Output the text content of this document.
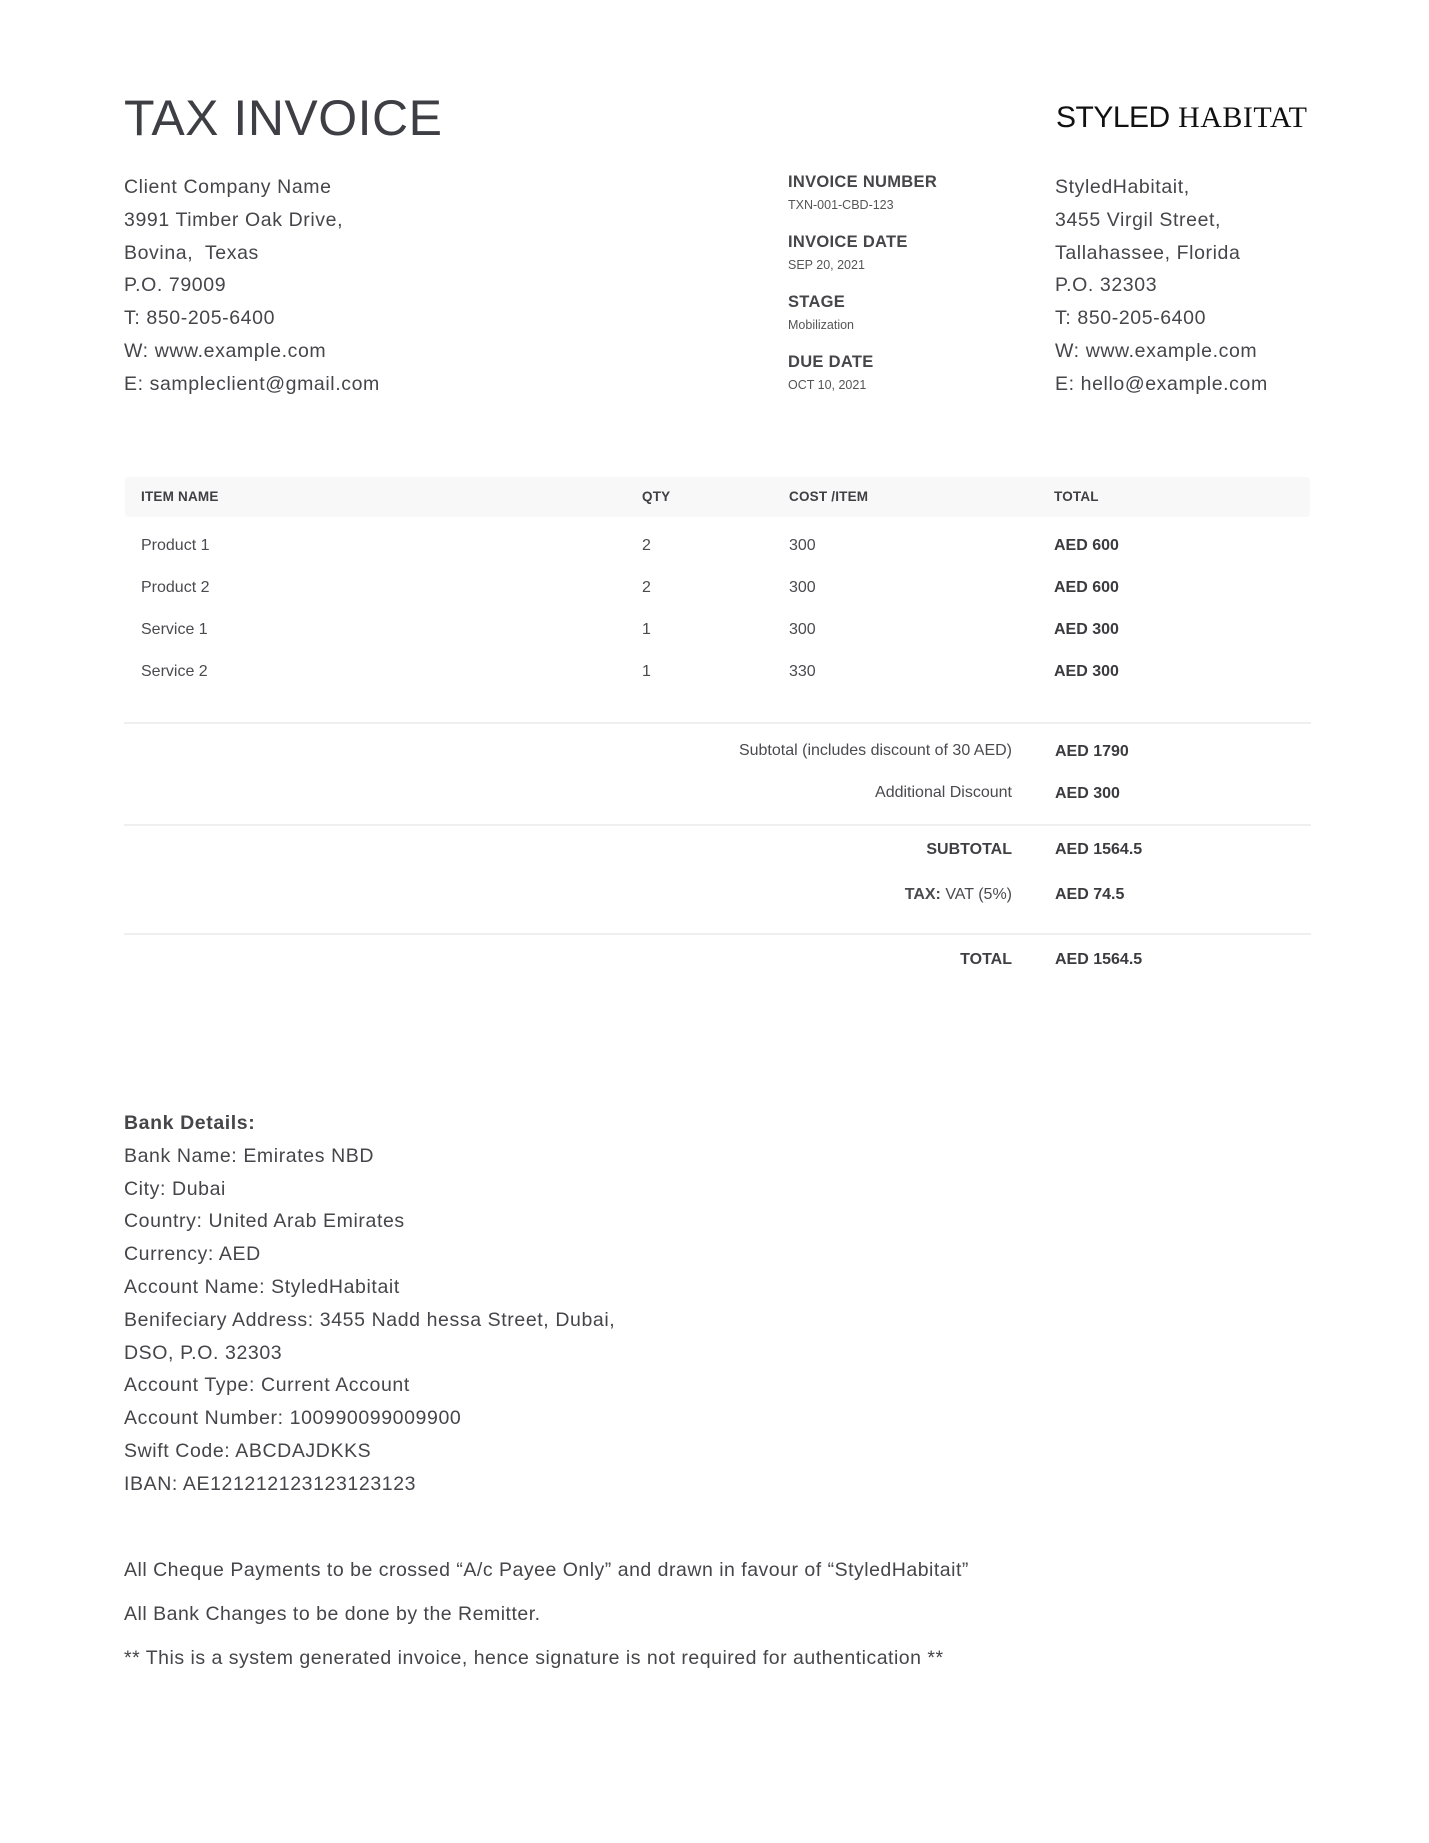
TAX INVOICE	STYLED HABITAT
Client Company Name
3991 Timber Oak Drive,
Bovina,  Texas
P.O. 79009
T: 850-205-6400
W: www.example.com
E: sampleclient@gmail.com
INVOICE NUMBER
TXN-001-CBD-123
INVOICE DATE
SEP 20, 2021
STAGE
Mobilization
DUE DATE
OCT 10, 2021
StyledHabitait,
3455 Virgil Street,
Tallahassee, Florida
P.O. 32303
T: 850-205-6400
W: www.example.com
E: hello@example.com
ITEM NAME	QTY	COST /ITEM	TOTAL
Product 1	2	300	AED 600
Product 2	2	300	AED 600
Service 1	1	300	AED 300
Service 2	1	330	AED 300
Subtotal (includes discount of 30 AED)	AED 1790
Additional Discount	AED 300
SUBTOTAL	AED 1564.5
TAX: VAT (5%)	AED 74.5
TOTAL	AED 1564.5
Bank Details:
Bank Name: Emirates NBD
City: Dubai
Country: United Arab Emirates
Currency: AED
Account Name: StyledHabitait
Benifeciary Address: 3455 Nadd hessa Street, Dubai,
DSO, P.O. 32303
Account Type: Current Account
Account Number: 100990099009900
Swift Code: ABCDAJDKKS
IBAN: AE121212123123123123
All Cheque Payments to be crossed “A/c Payee Only” and drawn in favour of “StyledHabitait”
All Bank Changes to be done by the Remitter.
** This is a system generated invoice, hence signature is not required for authentication **
